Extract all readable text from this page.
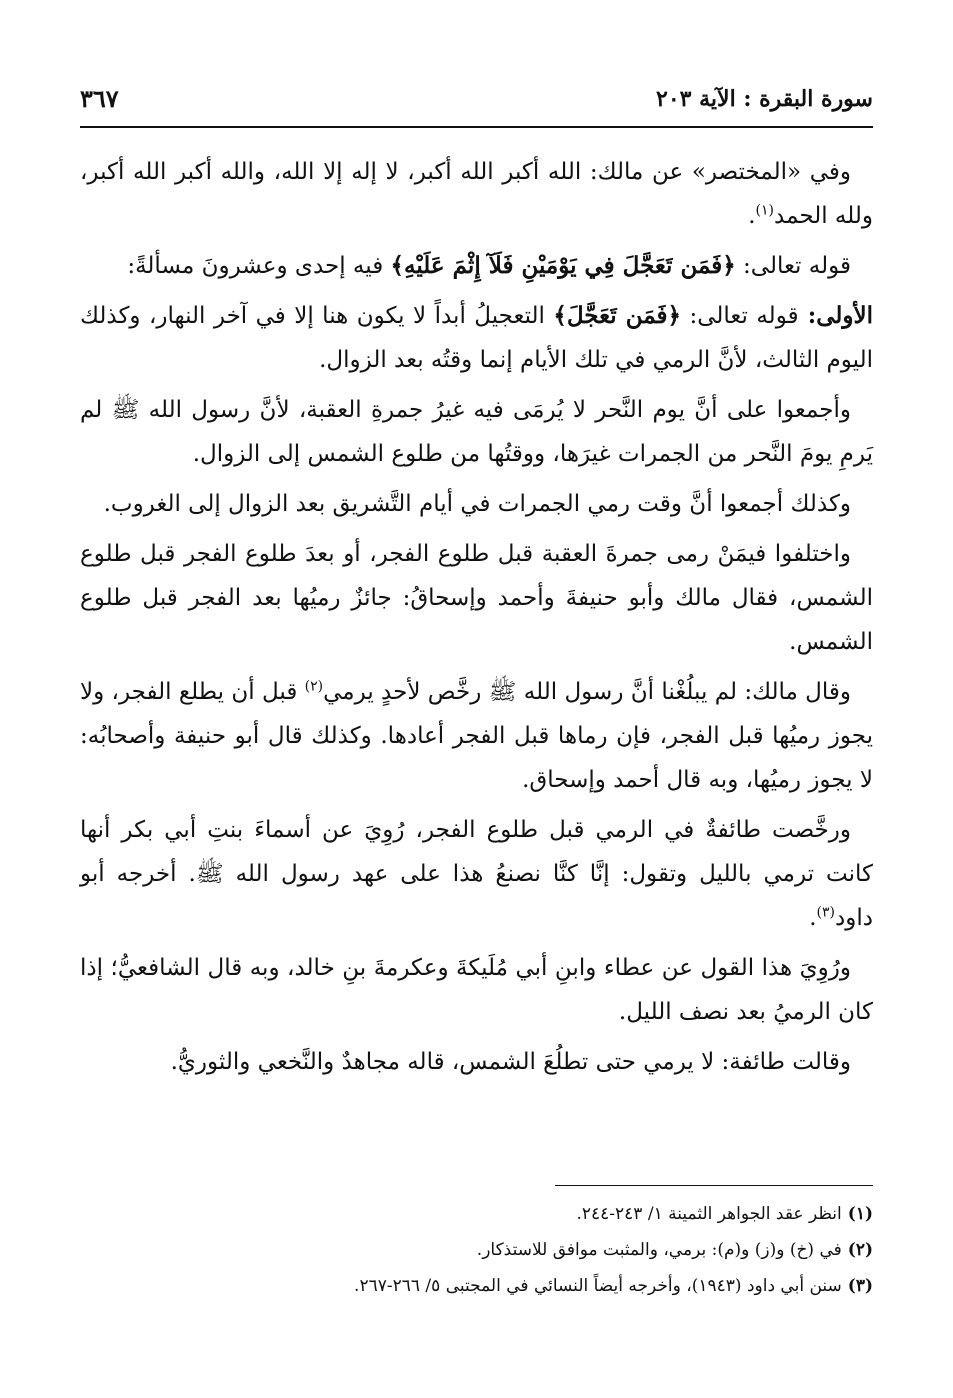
سورة البقرة : الآية ٢٠٣
٣٦٧

وفي «المختصر» عن مالك: الله أكبر الله أكبر، لا إله إلا الله، والله أكبر الله أكبر، ولله الحمد$^{(١)}$.

قوله تعالى: ﴿فَمَن تَعَجَّلَ فِي يَوْمَيْنِ فَلَآ إِثْمَ عَلَيْهِ﴾ فيه إحدى وعشرونَ مسألةً:

الأولى: قوله تعالى: ﴿فَمَن تَعَجَّلَ﴾ التعجيلُ أبداً لا يكون هنا إلا في آخر النهار، وكذلك اليوم الثالث، لأنَّ الرمي في تلك الأيام إنما وقتُه بعد الزوال.

وأجمعوا على أنَّ يوم النَّحر لا يُرمَى فيه غيرُ جمرةِ العقبة، لأنَّ رسول الله ﷺ لم يَرمِ يومَ النَّحر من الجمرات غيرَها، ووقتُها من طلوع الشمس إلى الزوال.

وكذلك أجمعوا أنَّ وقت رمي الجمرات في أيام التَّشريق بعد الزوال إلى الغروب.

واختلفوا فيمَنْ رمى جمرةَ العقبة قبل طلوع الفجر، أو بعدَ طلوع الفجر قبل طلوع الشمس، فقال مالك وأبو حنيفةَ وأحمد وإسحاقُ: جائزٌ رميُها بعد الفجر قبل طلوع الشمس.

وقال مالك: لم يبلُغْنا أنَّ رسول الله ﷺ رخَّص لأحدٍ يرمي$^{(٢)}$ قبل أن يطلع الفجر، ولا يجوز رميُها قبل الفجر، فإن رماها قبل الفجر أعادها. وكذلك قال أبو حنيفة وأصحابُه: لا يجوز رميُها، وبه قال أحمد وإسحاق.

ورخَّصت طائفةٌ في الرمي قبل طلوع الفجر، رُوِيَ عن أسماءَ بنتِ أبي بكر أنها كانت ترمي بالليل وتقول: إنَّا كنَّا نصنعُ هذا على عهد رسول الله ﷺ. أخرجه أبو داود$^{(٣)}$.

ورُوِيَ هذا القول عن عطاء وابنِ أبي مُلَيكةَ وعكرمةَ بنِ خالد، وبه قال الشافعيُّ؛ إذا كان الرميُ بعد نصف الليل.

وقالت طائفة: لا يرمي حتى تطلُعَ الشمس، قاله مجاهدٌ والنَّخعي والثوريُّ.

(١)انظر عقد الجواهر الثمينة ١/ ٢٤٣-٢٤٤.
(٢)في (خ) و(ز) و(م): برمي، والمثبت موافق للاستذكار.
(٣)سنن أبي داود (١٩٤٣)، وأخرجه أيضاً النسائي في المجتبى ٥/ ٢٦٦-٢٦٧.
